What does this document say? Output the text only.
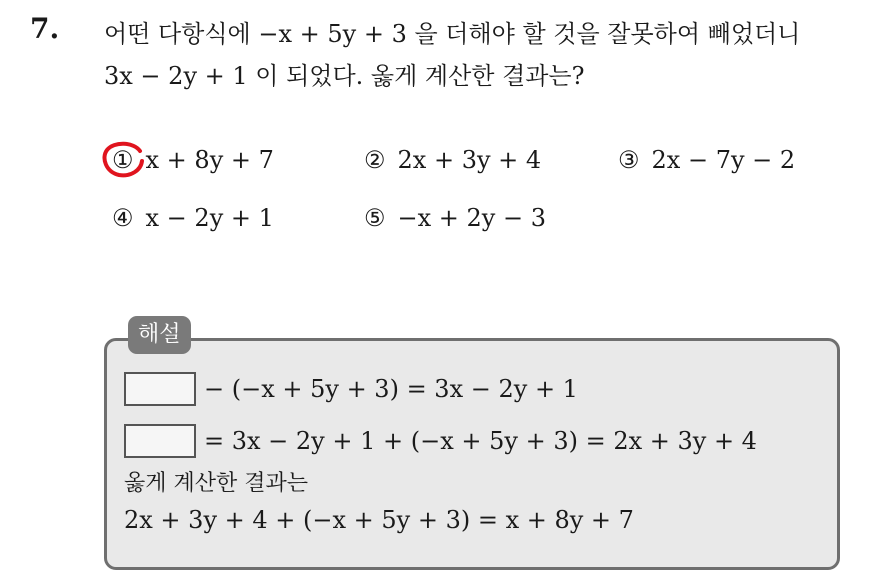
7. 어떤 다항식에 −x + 5y + 3 을 더해야 할 것을 잘못하여 빼었더니
3x − 2y + 1 이 되었다. 옳게 계산한 결과는?
① x + 8y + 7	② 2x + 3y + 4	③ 2x − 7y − 2
④ x − 2y + 1	⑤ −x + 2y − 3
해설
− (−x + 5y + 3) = 3x − 2y + 1
= 3x − 2y + 1 + (−x + 5y + 3) = 2x + 3y + 4
옳게 계산한 결과는
2x + 3y + 4 + (−x + 5y + 3) = x + 8y + 7
